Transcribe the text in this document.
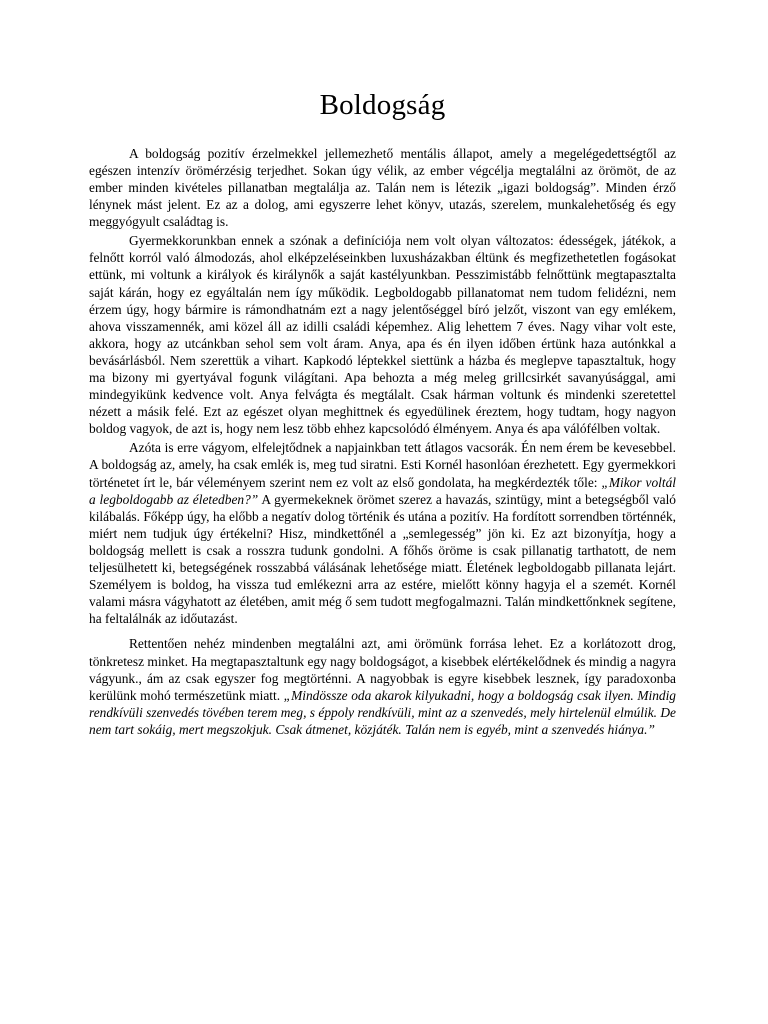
Boldogság

A boldogság pozitív érzelmekkel jellemezhető mentális állapot, amely a megelégedettségtől az egészen intenzív örömérzésig terjedhet. Sokan úgy vélik, az ember végcélja megtalálni az örömöt, de az ember minden kivételes pillanatban megtalálja az. Talán nem is létezik „igazi boldogság”. Minden érző lénynek mást jelent. Ez az a dolog, ami egyszerre lehet könyv, utazás, szerelem, munkalehetőség és egy meggyógyult családtag is.

Gyermekkorunkban ennek a szónak a definíciója nem volt olyan változatos: édességek, játékok, a felnőtt korról való álmodozás, ahol elképzeléseinkben luxusházakban éltünk és megfizethetetlen fogásokat ettünk, mi voltunk a királyok és királynők a saját kastélyunkban. Pesszimistább felnőttünk megtapasztalta saját kárán, hogy ez egyáltalán nem így működik. Legboldogabb pillanatomat nem tudom felidézni, nem érzem úgy, hogy bármire is rámondhatnám ezt a nagy jelentőséggel bíró jelzőt, viszont van egy emlékem, ahova visszamennék, ami közel áll az idilli családi képemhez. Alig lehettem 7 éves. Nagy vihar volt este, akkora, hogy az utcánkban sehol sem volt áram. Anya, apa és én ilyen időben értünk haza autónkkal a bevásárlásból. Nem szerettük a vihart. Kapkodó léptekkel siettünk a házba és meglepve tapasztaltuk, hogy ma bizony mi gyertyával fogunk világítani. Apa behozta a még meleg grillcsirkét savanyúsággal, ami mindegyikünk kedvence volt. Anya felvágta és megtálalt. Csak hárman voltunk és mindenki szeretettel nézett a másik felé. Ezt az egészet olyan meghittnek és egyedülinek éreztem, hogy tudtam, hogy nagyon boldog vagyok, de azt is, hogy nem lesz több ehhez kapcsolódó élményem. Anya és apa válófélben voltak.

Azóta is erre vágyom, elfelejtődnek a napjainkban tett átlagos vacsorák. Én nem érem be kevesebbel. A boldogság az, amely, ha csak emlék is, meg tud siratni. Esti Kornél hasonlóan érezhetett. Egy gyermekkori történetet írt le, bár véleményem szerint nem ez volt az első gondolata, ha megkérdezték tőle: „Mikor voltál a legboldogabb az életedben?” A gyermekeknek örömet szerez a havazás, szintügy, mint a betegségből való kilábalás. Főképp úgy, ha előbb a negatív dolog történik és utána a pozitív. Ha fordított sorrendben történnék, miért nem tudjuk úgy értékelni? Hisz, mindkettőnél a „semlegesség” jön ki. Ez azt bizonyítja, hogy a boldogság mellett is csak a rosszra tudunk gondolni. A főhős öröme is csak pillanatig tarthatott, de nem teljesülhetett ki, betegségének rosszabbá válásának lehetősége miatt. Életének legboldogabb pillanata lejárt. Személyem is boldog, ha vissza tud emlékezni arra az estére, mielőtt könny hagyja el a szemét. Kornél valami másra vágyhatott az életében, amit még ő sem tudott megfogalmazni. Talán mindkettőnknek segítene, ha feltalálnák az időutazást.

Rettentően nehéz mindenben megtalálni azt, ami örömünk forrása lehet. Ez a korlátozott drog, tönkretesz minket. Ha megtapasztaltunk egy nagy boldogságot, a kisebbek elértékelődnek és mindig a nagyra vágyunk., ám az csak egyszer fog megtörténni. A nagyobbak is egyre kisebbek lesznek, így paradoxonba kerülünk mohó természetünk miatt. „Mindössze oda akarok kilyukadni, hogy a boldogság csak ilyen. Mindig rendkívüli szenvedés tövében terem meg, s éppoly rendkívüli, mint az a szenvedés, mely hirtelenül elmúlik. De nem tart sokáig, mert megszokjuk. Csak átmenet, közjáték. Talán nem is egyéb, mint a szenvedés hiánya.”
